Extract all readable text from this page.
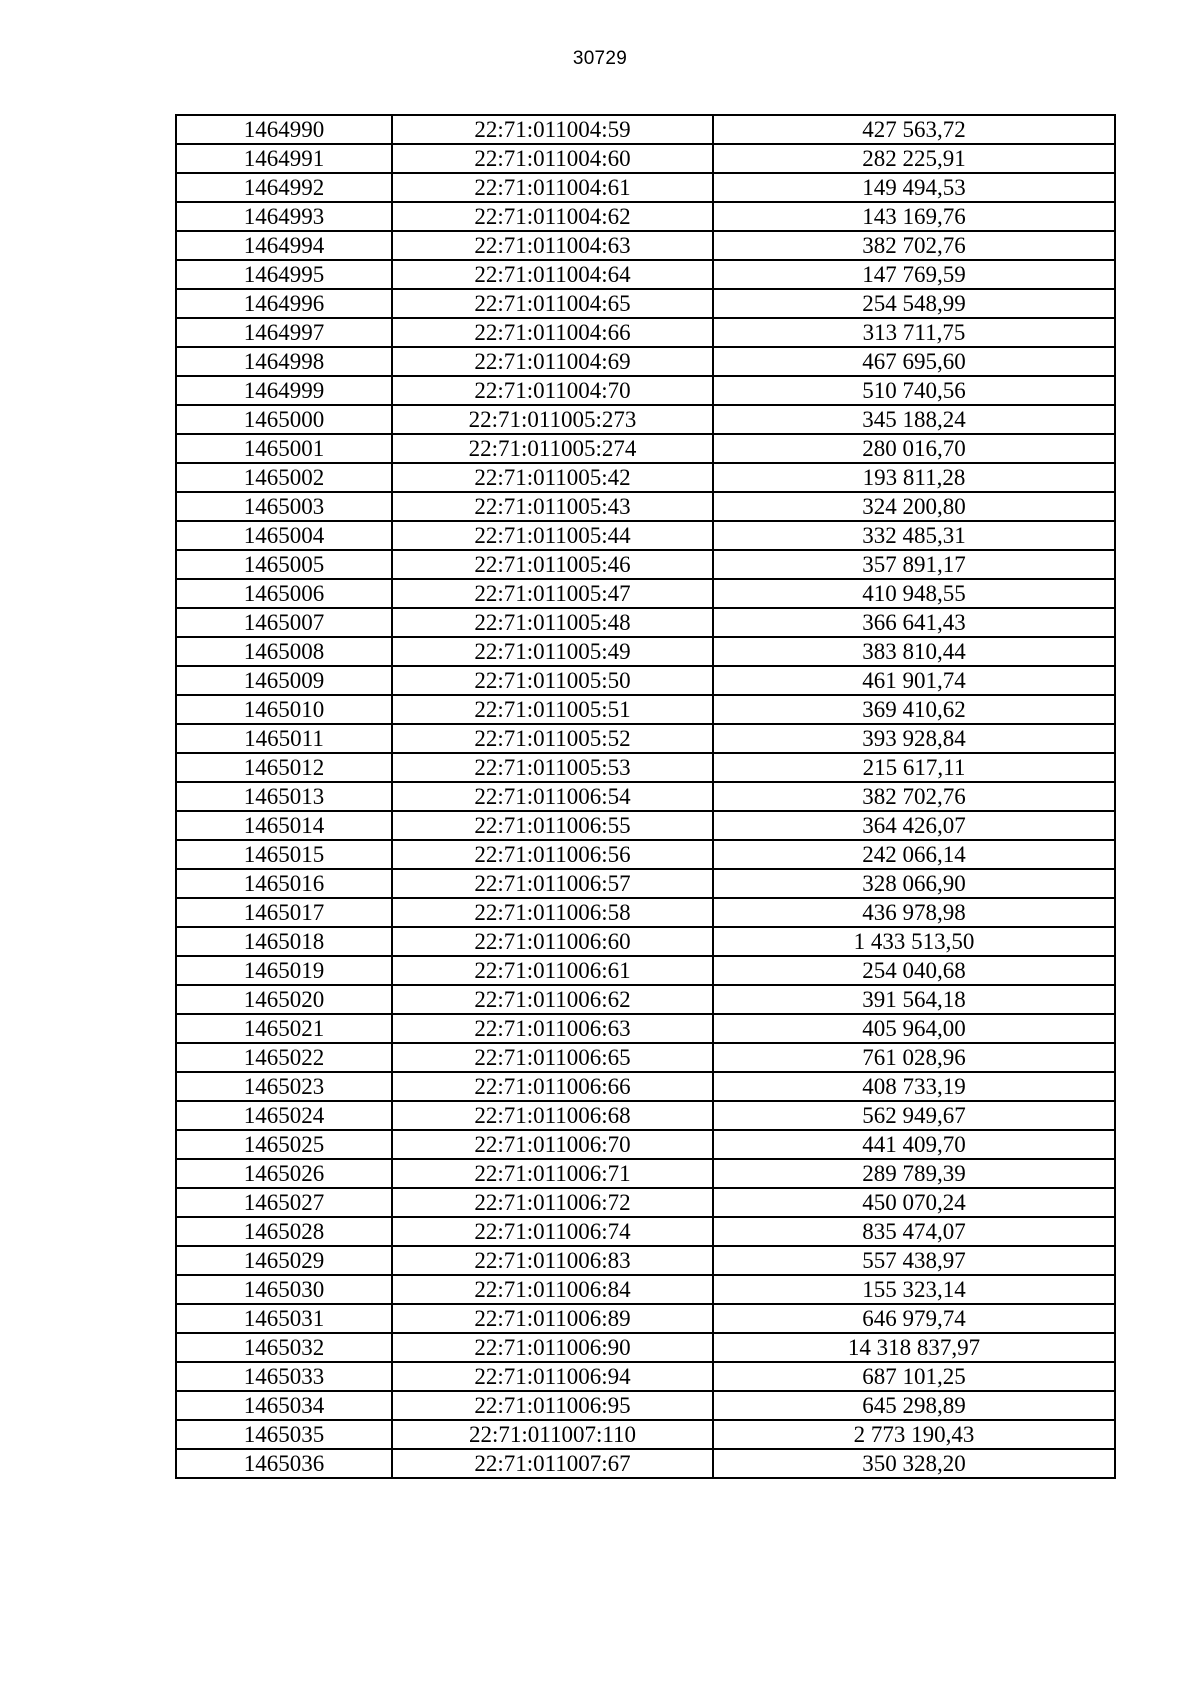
30729
1464990	22:71:011004:59	427 563,72
1464991	22:71:011004:60	282 225,91
1464992	22:71:011004:61	149 494,53
1464993	22:71:011004:62	143 169,76
1464994	22:71:011004:63	382 702,76
1464995	22:71:011004:64	147 769,59
1464996	22:71:011004:65	254 548,99
1464997	22:71:011004:66	313 711,75
1464998	22:71:011004:69	467 695,60
1464999	22:71:011004:70	510 740,56
1465000	22:71:011005:273	345 188,24
1465001	22:71:011005:274	280 016,70
1465002	22:71:011005:42	193 811,28
1465003	22:71:011005:43	324 200,80
1465004	22:71:011005:44	332 485,31
1465005	22:71:011005:46	357 891,17
1465006	22:71:011005:47	410 948,55
1465007	22:71:011005:48	366 641,43
1465008	22:71:011005:49	383 810,44
1465009	22:71:011005:50	461 901,74
1465010	22:71:011005:51	369 410,62
1465011	22:71:011005:52	393 928,84
1465012	22:71:011005:53	215 617,11
1465013	22:71:011006:54	382 702,76
1465014	22:71:011006:55	364 426,07
1465015	22:71:011006:56	242 066,14
1465016	22:71:011006:57	328 066,90
1465017	22:71:011006:58	436 978,98
1465018	22:71:011006:60	1 433 513,50
1465019	22:71:011006:61	254 040,68
1465020	22:71:011006:62	391 564,18
1465021	22:71:011006:63	405 964,00
1465022	22:71:011006:65	761 028,96
1465023	22:71:011006:66	408 733,19
1465024	22:71:011006:68	562 949,67
1465025	22:71:011006:70	441 409,70
1465026	22:71:011006:71	289 789,39
1465027	22:71:011006:72	450 070,24
1465028	22:71:011006:74	835 474,07
1465029	22:71:011006:83	557 438,97
1465030	22:71:011006:84	155 323,14
1465031	22:71:011006:89	646 979,74
1465032	22:71:011006:90	14 318 837,97
1465033	22:71:011006:94	687 101,25
1465034	22:71:011006:95	645 298,89
1465035	22:71:011007:110	2 773 190,43
1465036	22:71:011007:67	350 328,20
